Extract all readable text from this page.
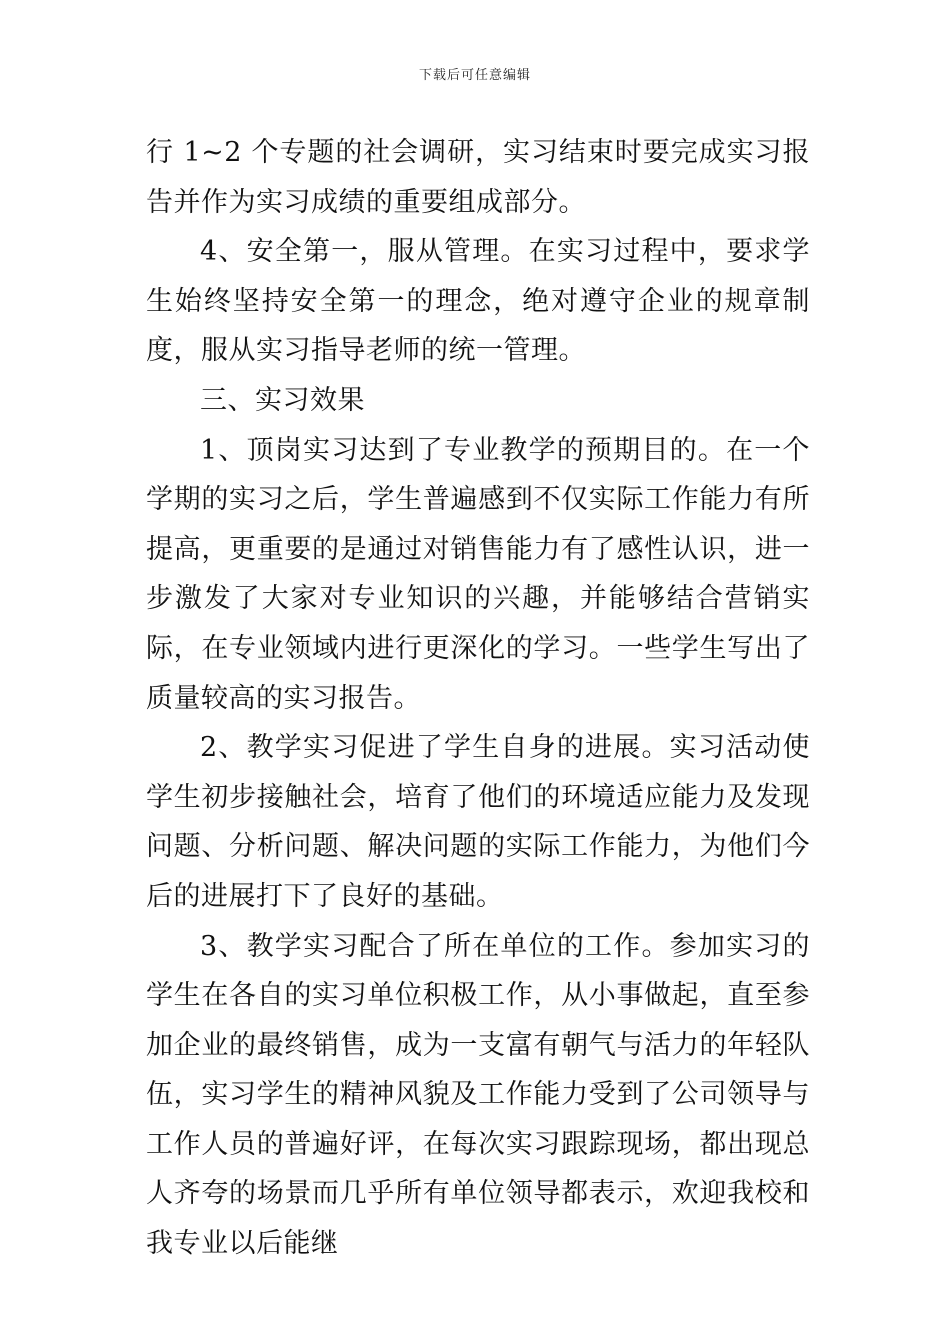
下载后可任意编辑

行 1~2 个专题的社会调研，实习结束时要完成实习报告并作为实习成绩的重要组成部分。

4、安全第一，服从管理。在实习过程中，要求学生始终坚持安全第一的理念，绝对遵守企业的规章制度，服从实习指导老师的统一管理。

三、实习效果

1、顶岗实习达到了专业教学的预期目的。在一个学期的实习之后，学生普遍感到不仅实际工作能力有所提高，更重要的是通过对销售能力有了感性认识，进一步激发了大家对专业知识的兴趣，并能够结合营销实际，在专业领域内进行更深化的学习。一些学生写出了质量较高的实习报告。

2、教学实习促进了学生自身的进展。实习活动使学生初步接触社会，培育了他们的环境适应能力及发现问题、分析问题、解决问题的实际工作能力，为他们今后的进展打下了良好的基础。

3、教学实习配合了所在单位的工作。参加实习的学生在各自的实习单位积极工作，从小事做起，直至参加企业的最终销售，成为一支富有朝气与活力的年轻队伍，实习学生的精神风貌及工作能力受到了公司领导与工作人员的普遍好评，在每次实习跟踪现场，都出现总人齐夸的场景而几乎所有单位领导都表示，欢迎我校和我专业以后能继
